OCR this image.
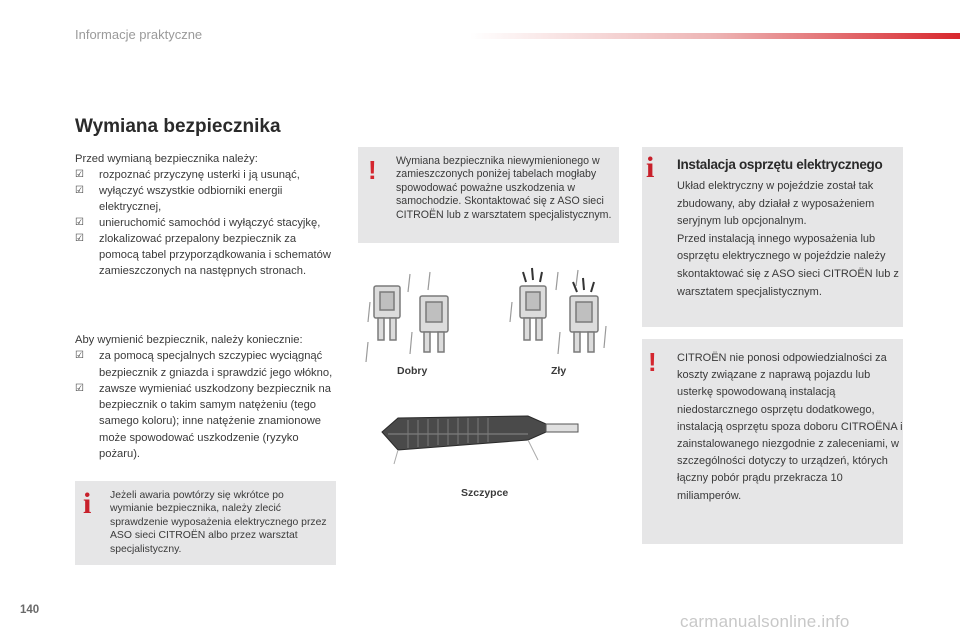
Informacje praktyczne
Wymiana bezpiecznika
Przed wymianą bezpiecznika należy:
☑ rozpoznać przyczynę usterki i ją usunąć,
☑ wyłączyć wszystkie odbiorniki energii elektrycznej,
☑ unieruchomić samochód i wyłączyć stacyjkę,
☑ zlokalizować przepalony bezpiecznik za pomocą tabel przyporządkowania i schematów zamieszczonych na następnych stronach.
Aby wymienić bezpiecznik, należy koniecznie:
☑ za pomocą specjalnych szczypiec wyciągnąć bezpiecznik z gniazda i sprawdzić jego włókno,
☑ zawsze wymieniać uszkodzony bezpiecznik na bezpiecznik o takim samym natężeniu (tego samego koloru); inne natężenie znamionowe może spowodować uszkodzenie (ryzyko pożaru).
i Jeżeli awaria powtórzy się wkrótce po wymianie bezpiecznika, należy zlecić sprawdzenie wyposażenia elektrycznego przez ASO sieci CITROËN albo przez warsztat specjalistyczny.
! Wymiana bezpiecznika niewymienionego w zamieszczonych poniżej tabelach mogłaby spowodować poważne uszkodzenia w samochodzie. Skontaktować się z ASO sieci CITROËN lub z warsztatem specjalistycznym.
Dobry	Zły
Szczypce
i Instalacja osprzętu elektrycznego
Układ elektryczny w pojeździe został tak zbudowany, aby działał z wyposażeniem seryjnym lub opcjonalnym.
Przed instalacją innego wyposażenia lub osprzętu elektrycznego w pojeździe należy skontaktować się z ASO sieci CITROËN lub z warsztatem specjalistycznym.
! CITROËN nie ponosi odpowiedzialności za koszty związane z naprawą pojazdu lub usterkę spowodowaną instalacją niedostarcznego osprzętu dodatkowego, instalacją osprzętu spoza doboru CITROËNA i zainstalowanego niezgodnie z zaleceniami, w szczególności dotyczy to urządzeń, których łączny pobór prądu przekracza 10 miliamperów.
140
carmanualsonline.info
